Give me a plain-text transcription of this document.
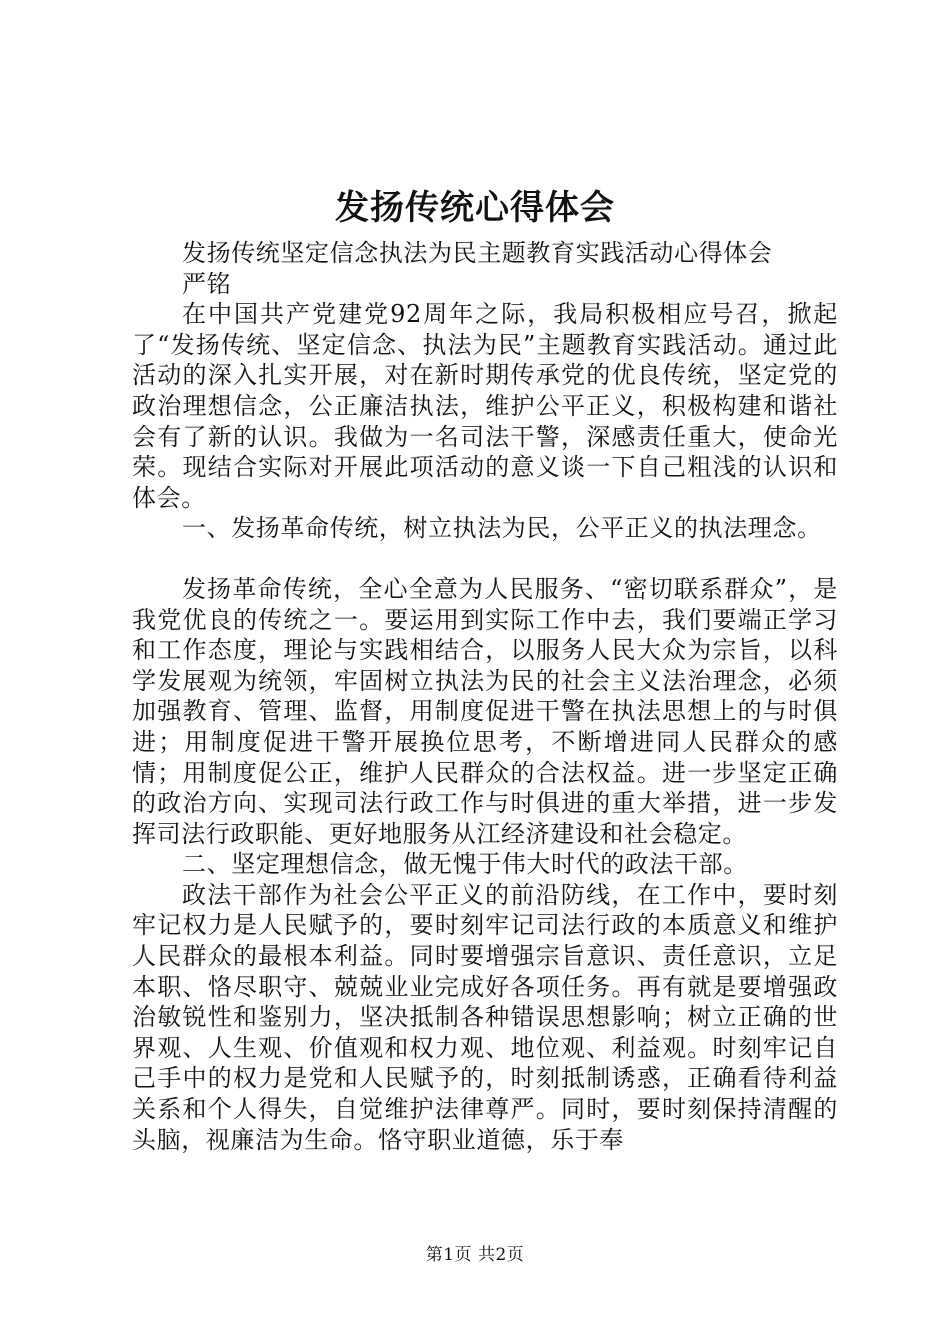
发扬传统心得体会

发扬传统坚定信念执法为民主题教育实践活动心得体会

严铭

在中国共产党建党92周年之际，我局积极相应号召，掀起了“发扬传统、坚定信念、执法为民”主题教育实践活动。通过此活动的深入扎实开展，对在新时期传承党的优良传统，坚定党的政治理想信念，公正廉洁执法，维护公平正义，积极构建和谐社会有了新的认识。我做为一名司法干警，深感责任重大，使命光荣。现结合实际对开展此项活动的意义谈一下自己粗浅的认识和体会。

一、发扬革命传统，树立执法为民，公平正义的执法理念。

发扬革命传统，全心全意为人民服务、“密切联系群众”，是我党优良的传统之一。要运用到实际工作中去，我们要端正学习和工作态度，理论与实践相结合，以服务人民大众为宗旨，以科学发展观为统领，牢固树立执法为民的社会主义法治理念，必须加强教育、管理、监督，用制度促进干警在执法思想上的与时俱进；用制度促进干警开展换位思考，不断增进同人民群众的感情；用制度促公正，维护人民群众的合法权益。进一步坚定正确的政治方向、实现司法行政工作与时俱进的重大举措，进一步发挥司法行政职能、更好地服务从江经济建设和社会稳定。

二、坚定理想信念，做无愧于伟大时代的政法干部。

政法干部作为社会公平正义的前沿防线，在工作中，要时刻牢记权力是人民赋予的，要时刻牢记司法行政的本质意义和维护人民群众的最根本利益。同时要增强宗旨意识、责任意识，立足本职、恪尽职守、兢兢业业完成好各项任务。再有就是要增强政治敏锐性和鉴别力，坚决抵制各种错误思想影响；树立正确的世界观、人生观、价值观和权力观、地位观、利益观。时刻牢记自己手中的权力是党和人民赋予的，时刻抵制诱惑，正确看待利益关系和个人得失，自觉维护法律尊严。同时，要时刻保持清醒的头脑，视廉洁为生命。恪守职业道德，乐于奉

第1页 共2页
